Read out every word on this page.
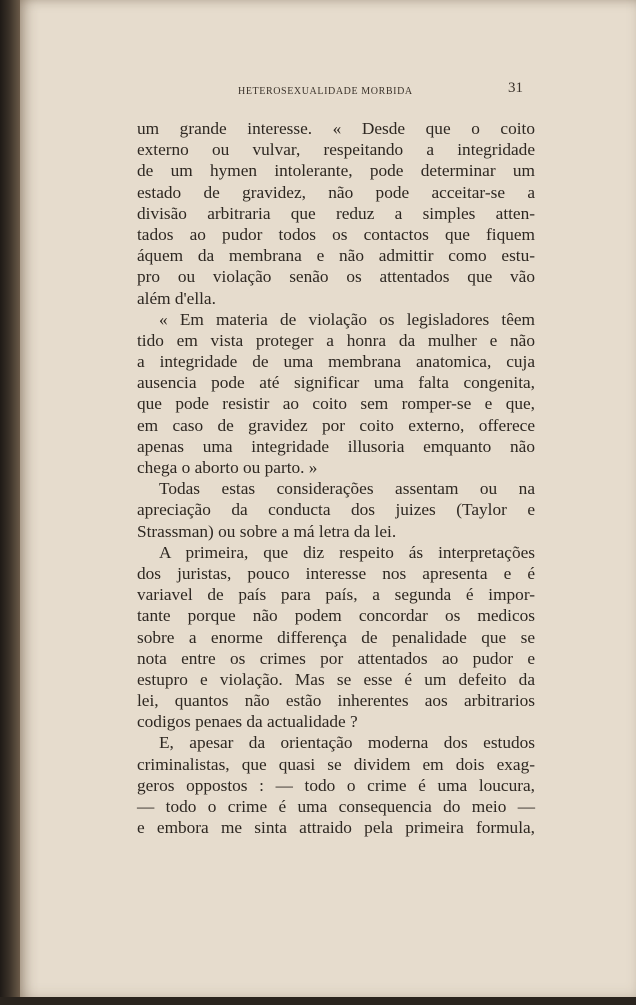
HETEROSEXUALIDADE MORBIDA	31
um grande interesse. « Desde que o coito
externo ou vulvar, respeitando a integridade
de um hymen intolerante, pode determinar um
estado de gravidez, não pode acceitar-se a
divisão arbitraria que reduz a simples atten-
tados ao pudor todos os contactos que fiquem
áquem da membrana e não admittir como estu-
pro ou violação senão os attentados que vão
além d'ella.
« Em materia de violação os legisladores têem
tido em vista proteger a honra da mulher e não
a integridade de uma membrana anatomica, cuja
ausencia pode até significar uma falta congenita,
que pode resistir ao coito sem romper-se e que,
em caso de gravidez por coito externo, offerece
apenas uma integridade illusoria emquanto não
chega o aborto ou parto. »
Todas estas considerações assentam ou na
apreciação da conducta dos juizes (Taylor e
Strassman) ou sobre a má letra da lei.
A primeira, que diz respeito ás interpretações
dos juristas, pouco interesse nos apresenta e é
variavel de país para país, a segunda é impor-
tante porque não podem concordar os medicos
sobre a enorme differença de penalidade que se
nota entre os crimes por attentados ao pudor e
estupro e violação. Mas se esse é um defeito da
lei, quantos não estão inherentes aos arbitrarios
codigos penaes da actualidade ?
E, apesar da orientação moderna dos estudos
criminalistas, que quasi se dividem em dois exag-
geros oppostos : — todo o crime é uma loucura,
— todo o crime é uma consequencia do meio —
e embora me sinta attraido pela primeira formula,
